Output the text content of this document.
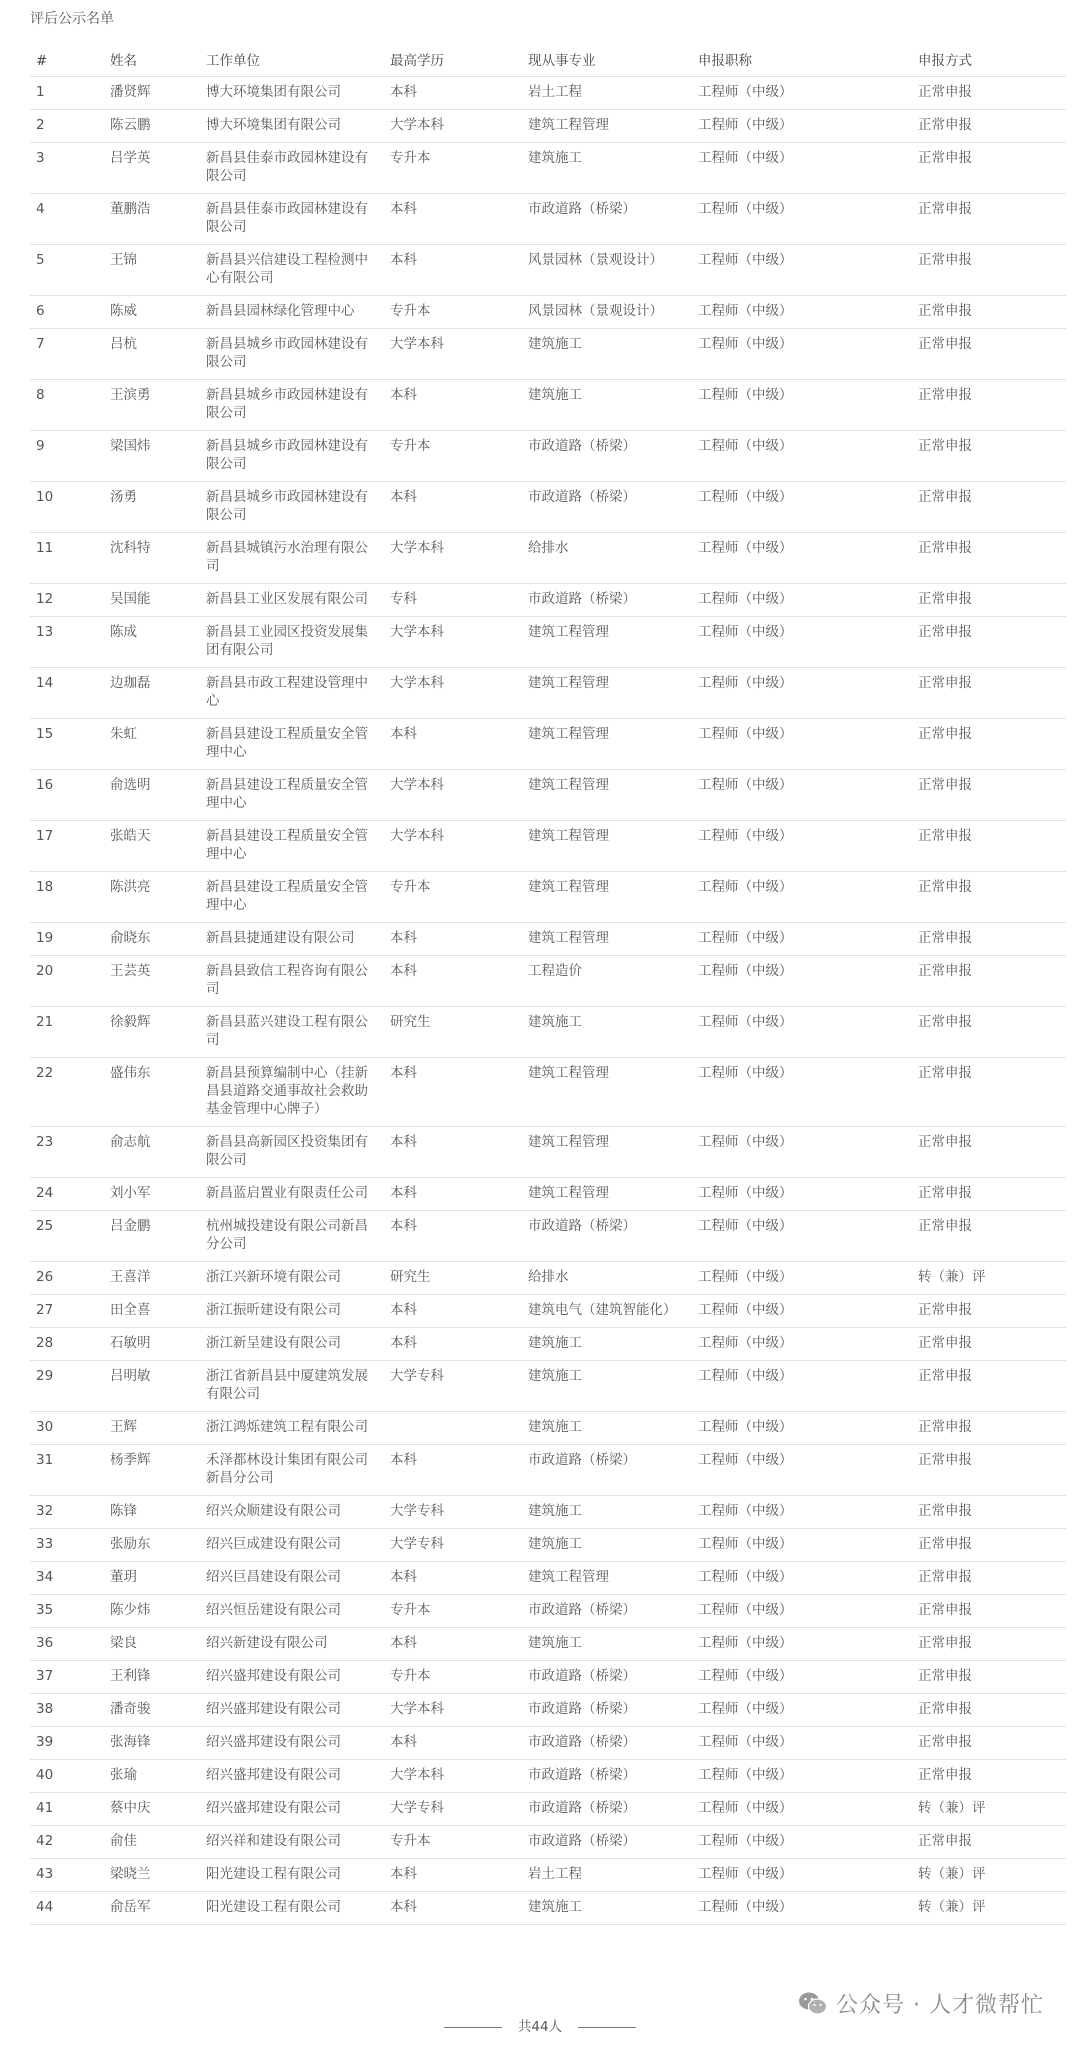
评后公示名单
#	姓名	工作单位	最高学历	现从事专业	申报职称	申报方式
1	潘贤辉	博大环境集团有限公司	本科	岩土工程	工程师（中级）	正常申报
2	陈云鹏	博大环境集团有限公司	大学本科	建筑工程管理	工程师（中级）	正常申报
3	吕学英	新昌县佳泰市政园林建设有限公司	专升本	建筑施工	工程师（中级）	正常申报
4	董鹏浩	新昌县佳泰市政园林建设有限公司	本科	市政道路（桥梁）	工程师（中级）	正常申报
5	王锦	新昌县兴信建设工程检测中心有限公司	本科	风景园林（景观设计）	工程师（中级）	正常申报
6	陈威	新昌县园林绿化管理中心	专升本	风景园林（景观设计）	工程师（中级）	正常申报
7	吕杭	新昌县城乡市政园林建设有限公司	大学本科	建筑施工	工程师（中级）	正常申报
8	王滨勇	新昌县城乡市政园林建设有限公司	本科	建筑施工	工程师（中级）	正常申报
9	梁国炜	新昌县城乡市政园林建设有限公司	专升本	市政道路（桥梁）	工程师（中级）	正常申报
10	汤勇	新昌县城乡市政园林建设有限公司	本科	市政道路（桥梁）	工程师（中级）	正常申报
11	沈科特	新昌县城镇污水治理有限公司	大学本科	给排水	工程师（中级）	正常申报
12	吴国能	新昌县工业区发展有限公司	专科	市政道路（桥梁）	工程师（中级）	正常申报
13	陈成	新昌县工业园区投资发展集团有限公司	大学本科	建筑工程管理	工程师（中级）	正常申报
14	边珈磊	新昌县市政工程建设管理中心	大学本科	建筑工程管理	工程师（中级）	正常申报
15	朱虹	新昌县建设工程质量安全管理中心	本科	建筑工程管理	工程师（中级）	正常申报
16	俞选明	新昌县建设工程质量安全管理中心	大学本科	建筑工程管理	工程师（中级）	正常申报
17	张皓天	新昌县建设工程质量安全管理中心	大学本科	建筑工程管理	工程师（中级）	正常申报
18	陈洪亮	新昌县建设工程质量安全管理中心	专升本	建筑工程管理	工程师（中级）	正常申报
19	俞晓东	新昌县捷通建设有限公司	本科	建筑工程管理	工程师（中级）	正常申报
20	王芸英	新昌县致信工程咨询有限公司	本科	工程造价	工程师（中级）	正常申报
21	徐毅辉	新昌县蓝兴建设工程有限公司	研究生	建筑施工	工程师（中级）	正常申报
22	盛伟东	新昌县预算编制中心（挂新昌县道路交通事故社会救助基金管理中心牌子）	本科	建筑工程管理	工程师（中级）	正常申报
23	俞志航	新昌县高新园区投资集团有限公司	本科	建筑工程管理	工程师（中级）	正常申报
24	刘小军	新昌蓝启置业有限责任公司	本科	建筑工程管理	工程师（中级）	正常申报
25	吕金鹏	杭州城投建设有限公司新昌分公司	本科	市政道路（桥梁）	工程师（中级）	正常申报
26	王喜洋	浙江兴新环境有限公司	研究生	给排水	工程师（中级）	转（兼）评
27	田全喜	浙江振昕建设有限公司	本科	建筑电气（建筑智能化）	工程师（中级）	正常申报
28	石敏明	浙江新呈建设有限公司	本科	建筑施工	工程师（中级）	正常申报
29	吕明敏	浙江省新昌县中厦建筑发展有限公司	大学专科	建筑施工	工程师（中级）	正常申报
30	王辉	浙江鸿烁建筑工程有限公司		建筑施工	工程师（中级）	正常申报
31	杨季辉	禾泽都林设计集团有限公司新昌分公司	本科	市政道路（桥梁）	工程师（中级）	正常申报
32	陈锋	绍兴众顺建设有限公司	大学专科	建筑施工	工程师（中级）	正常申报
33	张励东	绍兴巨成建设有限公司	大学专科	建筑施工	工程师（中级）	正常申报
34	董玥	绍兴巨昌建设有限公司	本科	建筑工程管理	工程师（中级）	正常申报
35	陈少炜	绍兴恒岳建设有限公司	专升本	市政道路（桥梁）	工程师（中级）	正常申报
36	梁良	绍兴新建设有限公司	本科	建筑施工	工程师（中级）	正常申报
37	王利锋	绍兴盛邦建设有限公司	专升本	市政道路（桥梁）	工程师（中级）	正常申报
38	潘奇骏	绍兴盛邦建设有限公司	大学本科	市政道路（桥梁）	工程师（中级）	正常申报
39	张海锋	绍兴盛邦建设有限公司	本科	市政道路（桥梁）	工程师（中级）	正常申报
40	张瑜	绍兴盛邦建设有限公司	大学本科	市政道路（桥梁）	工程师（中级）	正常申报
41	蔡中庆	绍兴盛邦建设有限公司	大学专科	市政道路（桥梁）	工程师（中级）	转（兼）评
42	俞佳	绍兴祥和建设有限公司	专升本	市政道路（桥梁）	工程师（中级）	正常申报
43	梁晓兰	阳光建设工程有限公司	本科	岩土工程	工程师（中级）	转（兼）评
44	俞岳军	阳光建设工程有限公司	本科	建筑施工	工程师（中级）	转（兼）评
共44人
公众号 · 人才微帮忙
